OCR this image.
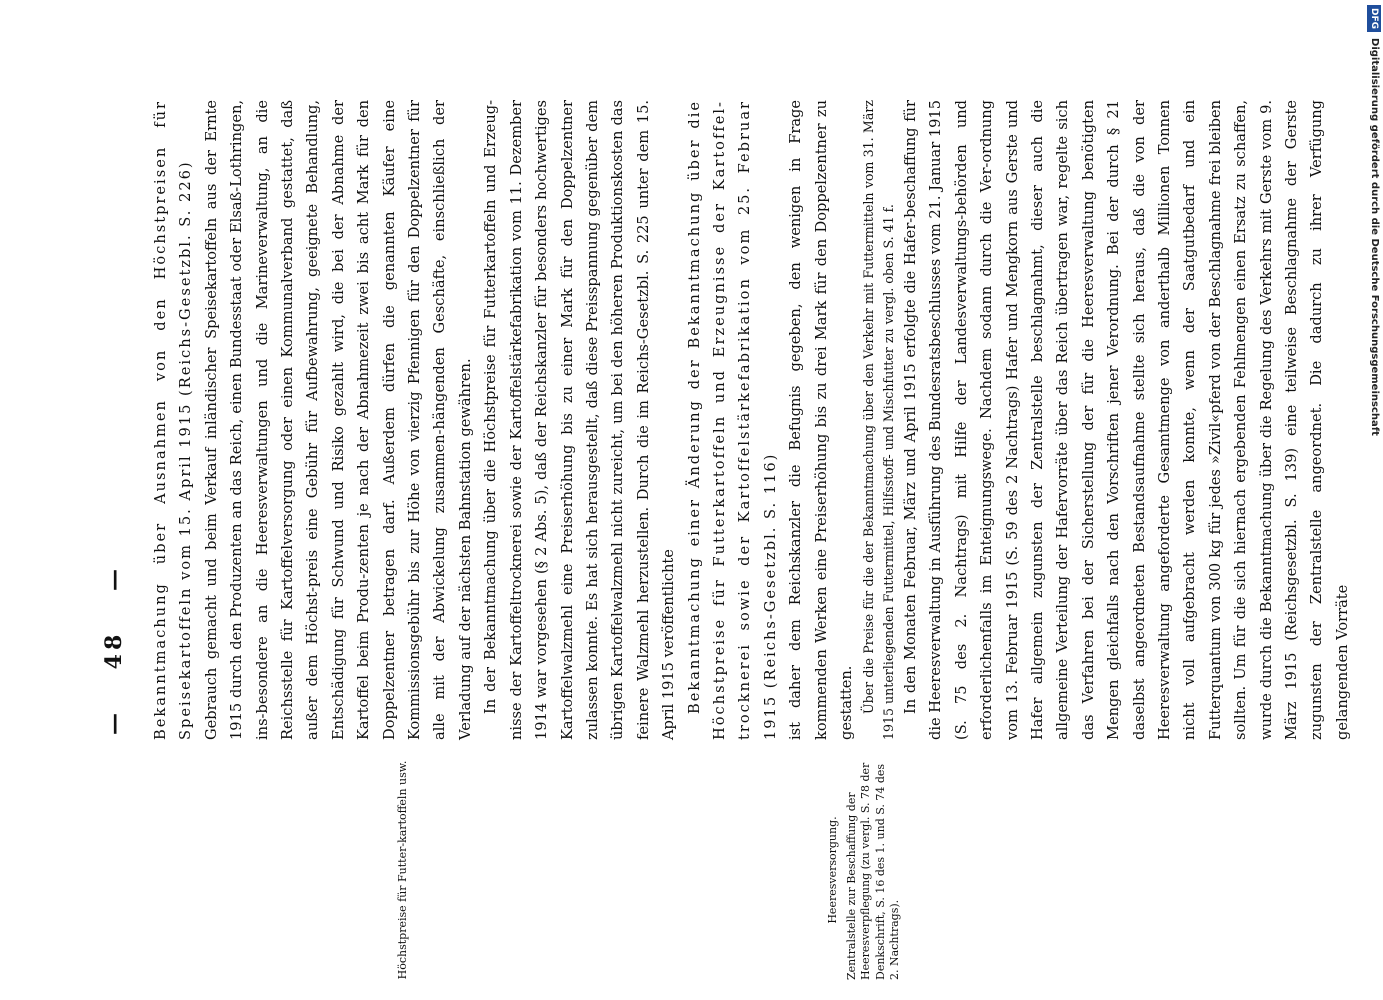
— 48 —
Höchstpreise für Futter-kartoffeln usw.	Heeresversorgung. Zentralstelle zur Beschaffung der Heeresverpflegung (zu vergl. S. 78 der Denkschrift, S. 16 des 1. und S. 74 des 2. Nachtrags).

Bekanntmachung über Ausnahmen von den Höchstpreisen für Speisekartoffeln vom 15. April 1915 (Reichs-Gesetzbl. S. 226) Gebrauch gemacht und beim Verkauf inländischer Speisekartoffeln aus der Ernte 1915 durch den Produzenten an das Reich, einen Bundesstaat oder Elsaß-Lothringen, ins-besondere an die Heeresverwaltungen und die Marineverwaltung, an die Reichsstelle für Kartoffelversorgung oder einen Kommunalverband gestattet, daß außer dem Höchst-preis eine Gebühr für Aufbewahrung, geeignete Behandlung, Entschädigung für Schwund und Risiko gezahlt wird, die bei der Abnahme der Kartoffel beim Produ-zenten je nach der Abnahmezeit zwei bis acht Mark für den Doppelzentner betragen darf. Außerdem dürfen die genannten Käufer eine Kommissionsgebühr bis zur Höhe von vierzig Pfennigen für den Doppelzentner für alle mit der Abwickelung zusammen-hängenden Geschäfte, einschließlich der Verladung auf der nächsten Bahnstation gewähren. In der Bekanntmachung über die Höchstpreise für Futterkartoffeln und Erzeug-nisse der Kartoffeltrocknerei sowie der Kartoffelstärkefabrikation vom 11. Dezember 1914 war vorgesehen (§ 2 Abs. 5), daß der Reichskanzler für besonders hochwertiges Kartoffelwalzmehl eine Preiserhöhung bis zu einer Mark für den Doppelzentner zulassen konnte. Es hat sich herausgestellt, daß diese Preisspannung gegenüber dem übrigen Kartoffelwalzmehl nicht zureicht, um bei den höheren Produktionskosten das feinere Walzmehl herzustellen. Durch die im Reichs-Gesetzbl. S. 225 unter dem 15. April 1915 veröffentlichte Bekanntmachung einer Änderung der Bekanntmachung über die Höchstpreise für Futterkartoffeln und Erzeugnisse der Kartoffel-trocknerei sowie der Kartoffelstärkefabrikation vom 25. Februar 1915 (Reichs-Gesetzbl. S. 116) ist daher dem Reichskanzler die Befugnis gegeben, den wenigen in Frage kommenden Werken eine Preiserhöhung bis zu drei Mark für den Doppelzentner zu gestatten. Über die Preise für die der Bekanntmachung über den Verkehr mit Futtermitteln vom 31. März 1915 unterliegenden Futtermittel, Hilfsstoff- und Mischfutter zu vergl. oben S. 41 f. In den Monaten Februar, März und April 1915 erfolgte die Hafer-beschaffung für die Heeresverwaltung in Ausführung des Bundesratsbeschlusses vom 21. Januar 1915 (S. 75 des 2. Nachtrags) mit Hilfe der Landesverwaltungs-behörden und erforderlichenfalls im Enteignungswege. Nachdem sodann durch die Ver-ordnung vom 13. Februar 1915 (S. 59 des 2 Nachtrags) Hafer und Mengkorn aus Gerste und Hafer allgemein zugunsten der Zentralstelle beschlagnahmt, dieser auch die allgemeine Verteilung der Hafervorräte über das Reich übertragen war, regelte sich das Verfahren bei der Sicherstellung der für die Heeresverwaltung benötigten Mengen gleichfalls nach den Vorschriften jener Verordnung. Bei der durch § 21 daselbst angeordneten Bestandsaufnahme stellte sich heraus, daß die von der Heeresverwaltung angeforderte Gesamtmenge von anderthalb Millionen Tonnen nicht voll aufgebracht werden konnte, wenn der Saatgutbedarf und ein Futterquantum von 300 kg für jedes »Zivil«pferd von der Beschlagnahme frei bleiben sollten. Um für die sich hiernach ergebenden Fehlmengen einen Ersatz zu schaffen, wurde durch die Bekanntmachung über die Regelung des Verkehrs mit Gerste vom 9. März 1915 (Reichsgesetzbl. S. 139) eine teilweise Beschlagnahme der Gerste zugunsten der Zentralstelle angeordnet. Die dadurch zu ihrer Verfügung gelangenden Vorräte

DFGDigitalisierung gefördert durch die Deutsche Forschungsgemeinschaft
